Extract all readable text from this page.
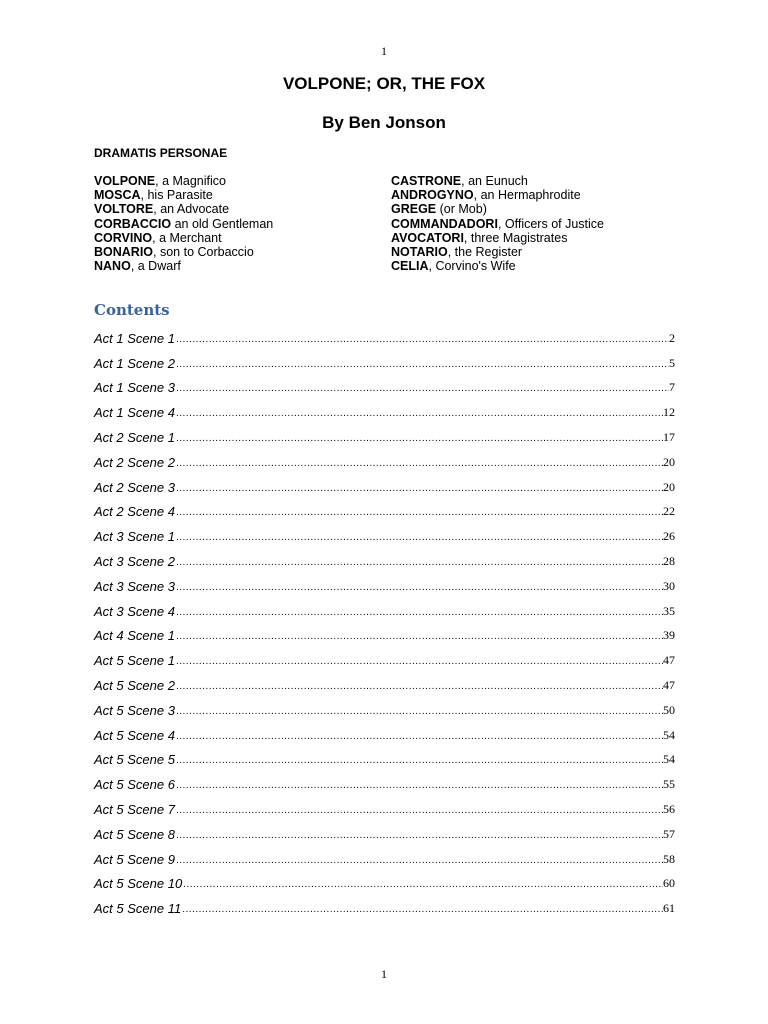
1
VOLPONE; OR, THE FOX
By Ben Jonson
DRAMATIS PERSONAE
VOLPONE, a Magnifico
MOSCA, his Parasite
VOLTORE, an Advocate
CORBACCIO an old Gentleman
CORVINO, a Merchant
BONARIO, son to Corbaccio
NANO, a Dwarf
CASTRONE, an Eunuch
ANDROGYNO, an Hermaphrodite
GREGE (or Mob)
COMMANDADORI, Officers of Justice
AVOCATORI, three Magistrates
NOTARIO, the Register
CELIA, Corvino's Wife
Contents
Act 1 Scene 1 .....	2
Act 1 Scene 2 .....	5
Act 1 Scene 3 .....	7
Act 1 Scene 4 .....	12
Act 2 Scene 1 .....	17
Act 2 Scene 2 .....	20
Act 2 Scene 3 .....	20
Act 2 Scene 4 .....	22
Act 3 Scene 1 .....	26
Act 3 Scene 2 .....	28
Act 3 Scene 3 .....	30
Act 3 Scene 4 .....	35
Act 4 Scene 1 .....	39
Act 5 Scene 1 .....	47
Act 5 Scene 2 .....	47
Act 5 Scene 3 .....	50
Act 5 Scene 4 .....	54
Act 5 Scene 5 .....	54
Act 5 Scene 6 .....	55
Act 5 Scene 7 .....	56
Act 5 Scene 8 .....	57
Act 5 Scene 9 .....	58
Act 5 Scene 10 .....	60
Act 5 Scene 11 .....	61
1
